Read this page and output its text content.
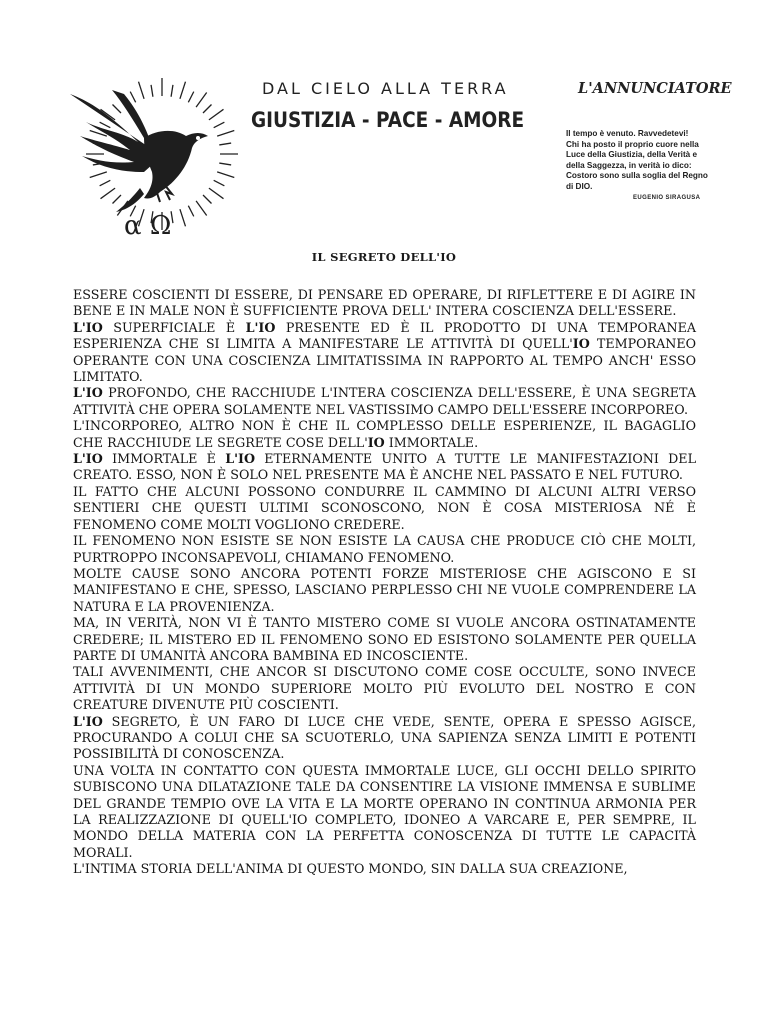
α Ω
DAL CIELO ALLA TERRA
GIUSTIZIA - PACE - AMORE
L'ANNUNCIATORE
Il tempo è venuto. Ravvedetevi!
Chi ha posto il proprio cuore nella
Luce della Giustizia, della Verità e
della Saggezza, in verità io dico:
Costoro sono sulla soglia del Regno
di DIO.
EUGENIO SIRAGUSA
IL SEGRETO DELL'IO

ESSERE COSCIENTI DI ESSERE, DI PENSARE ED OPERARE, DI RIFLETTERE E DI AGIRE IN BENE E IN MALE NON È SUFFICIENTE PROVA DELL' INTERA COSCIENZA DELL'ESSERE.

L'IO SUPERFICIALE È L'IO PRESENTE ED È IL PRODOTTO DI UNA TEMPORANEA ESPERIENZA CHE SI LIMITA A MANIFESTARE LE ATTIVITÀ DI QUELL'IO TEMPORANEO OPERANTE CON UNA COSCIENZA LIMITATISSIMA IN RAPPORTO AL TEMPO ANCH' ESSO LIMITATO.

L'IO PROFONDO, CHE RACCHIUDE L'INTERA COSCIENZA DELL'ESSERE, È UNA SEGRETA ATTIVITÀ CHE OPERA SOLAMENTE NEL VASTISSIMO CAMPO DELL'ESSERE INCORPOREO.

L'INCORPOREO, ALTRO NON È CHE IL COMPLESSO DELLE ESPERIENZE, IL BAGAGLIO CHE RACCHIUDE LE SEGRETE COSE DELL'IO IMMORTALE.

L'IO IMMORTALE È L'IO ETERNAMENTE UNITO A TUTTE LE MANIFESTAZIONI DEL CREATO. ESSO, NON È SOLO NEL PRESENTE MA È ANCHE NEL PASSATO E NEL FUTURO.

IL FATTO CHE ALCUNI POSSONO CONDURRE IL CAMMINO DI ALCUNI ALTRI VERSO SENTIERI CHE QUESTI ULTIMI SCONOSCONO, NON È COSA MISTERIOSA NÉ È FENOMENO COME MOLTI VOGLIONO CREDERE.

IL FENOMENO NON ESISTE SE NON ESISTE LA CAUSA CHE PRODUCE CIÒ CHE MOLTI, PURTROPPO INCONSAPEVOLI, CHIAMANO FENOMENO.

MOLTE CAUSE SONO ANCORA POTENTI FORZE MISTERIOSE CHE AGISCONO E SI MANIFESTANO E CHE, SPESSO, LASCIANO PERPLESSO CHI NE VUOLE COMPRENDERE LA NATURA E LA PROVENIENZA.

MA, IN VERITÀ, NON VI È TANTO MISTERO COME SI VUOLE ANCORA OSTINATAMENTE CREDERE; IL MISTERO ED IL FENOMENO SONO ED ESISTONO SOLAMENTE PER QUELLA PARTE DI UMANITÀ ANCORA BAMBINA ED INCOSCIENTE.

TALI AVVENIMENTI, CHE ANCOR SI DISCUTONO COME COSE OCCULTE, SONO INVECE ATTIVITÀ DI UN MONDO SUPERIORE MOLTO PIÙ EVOLUTO DEL NOSTRO E CON CREATURE DIVENUTE PIÙ COSCIENTI.

L'IO SEGRETO, È UN FARO DI LUCE CHE VEDE, SENTE, OPERA E SPESSO AGISCE, PROCURANDO A COLUI CHE SA SCUOTERLO, UNA SAPIENZA SENZA LIMITI E POTENTI POSSIBILITÀ DI CONOSCENZA.

UNA VOLTA IN CONTATTO CON QUESTA IMMORTALE LUCE, GLI OCCHI DELLO SPIRITO SUBISCONO UNA DILATAZIONE TALE DA CONSENTIRE LA VISIONE IMMENSA E SUBLIME DEL GRANDE TEMPIO OVE LA VITA E LA MORTE OPERANO IN CONTINUA ARMONIA PER LA REALIZZAZIONE DI QUELL'IO COMPLETO, IDONEO A VARCARE E, PER SEMPRE, IL MONDO DELLA MATERIA CON LA PERFETTA CONOSCENZA DI TUTTE LE CAPACITÀ MORALI.

L'INTIMA STORIA DELL'ANIMA DI QUESTO MONDO, SIN DALLA SUA CREAZIONE,
